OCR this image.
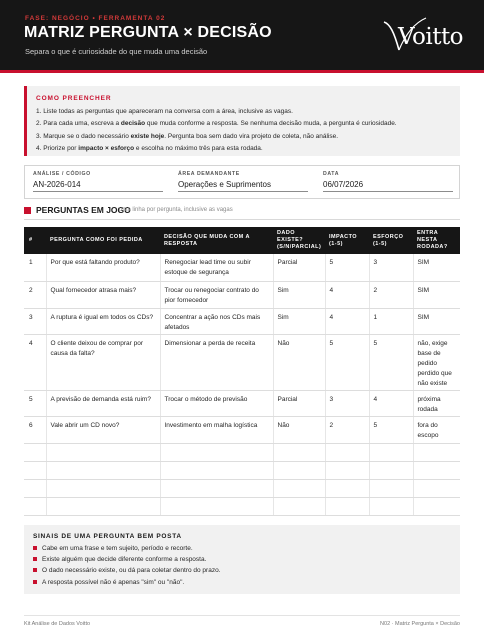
FASE: NEGÓCIO • FERRAMENTA 02
MATRIZ PERGUNTA × DECISÃO
Separa o que é curiosidade do que muda uma decisão
Voitto
COMO PREENCHER
1. Liste todas as perguntas que apareceram na conversa com a área, inclusive as vagas.
2. Para cada uma, escreva a decisão que muda conforme a resposta. Se nenhuma decisão muda, a pergunta é curiosidade.
3. Marque se o dado necessário existe hoje. Pergunta boa sem dado vira projeto de coleta, não análise.
4. Priorize por impacto × esforço e escolha no máximo três para esta rodada.
ANÁLISE / CÓDIGO
AN-2026-014
ÁREA DEMANDANTE
Operações e Suprimentos
DATA
06/07/2026
PERGUNTAS EM JOGO
uma linha por pergunta, inclusive as vagas
#	PERGUNTA COMO FOI PEDIDA	DECISÃO QUE MUDA COM A RESPOSTA	DADO EXISTE? (S/N/PARCIAL)	IMPACTO (1-5)	ESFORÇO (1-5)	ENTRA NESTA RODADA?
1	Por que está faltando produto?	Renegociar lead time ou subir estoque de segurança	Parcial	5	3	SIM
2	Qual fornecedor atrasa mais?	Trocar ou renegociar contrato do pior fornecedor	Sim	4	2	SIM
3	A ruptura é igual em todos os CDs?	Concentrar a ação nos CDs mais afetados	Sim	4	1	SIM
4	O cliente deixou de comprar por causa da falta?	Dimensionar a perda de receita	Não	5	5	não, exige base de pedido perdido que não existe
5	A previsão de demanda está ruim?	Trocar o método de previsão	Parcial	3	4	próxima rodada
6	Vale abrir um CD novo?	Investimento em malha logística	Não	2	5	fora do escopo

SINAIS DE UMA PERGUNTA BEM POSTA
Cabe em uma frase e tem sujeito, período e recorte.
Existe alguém que decide diferente conforme a resposta.
O dado necessário existe, ou dá para coletar dentro do prazo.
A resposta possível não é apenas "sim" ou "não".
Kit Análise de Dados Voitto	N02 · Matriz Pergunta × Decisão
